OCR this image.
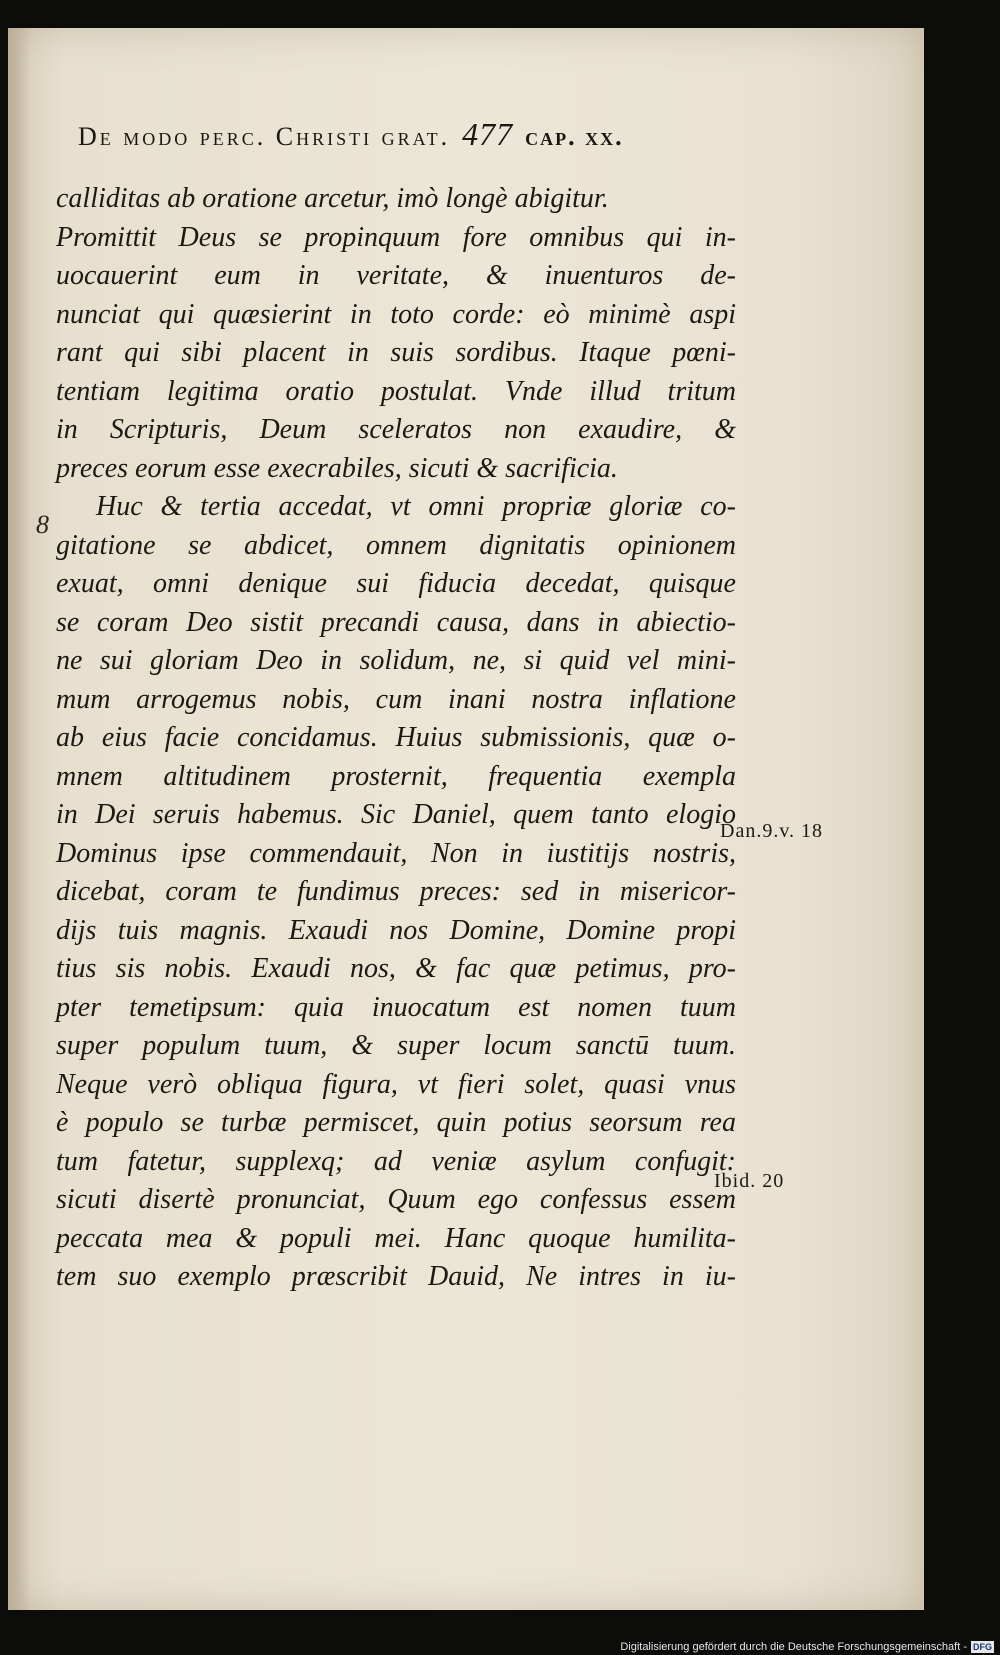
De modo perc. Christi grat. 477 cap. xx.
8
calliditas ab oratione arcetur, imò longè abigitur.
Promittit Deus se propinquum fore omnibus qui in-
uocauerint eum in veritate, & inuenturos de-
nunciat qui quæsierint in toto corde: eò minimè aspi
rant qui sibi placent in suis sordibus. Itaque pœni-
tentiam legitima oratio postulat. Vnde illud tritum
in Scripturis, Deum sceleratos non exaudire, &
preces eorum esse execrabiles, sicuti & sacrificia.
Huc & tertia accedat, vt omni propriæ gloriæ co-
gitatione se abdicet, omnem dignitatis opinionem
exuat, omni denique sui fiducia decedat, quisque
se coram Deo sistit precandi causa, dans in abiectio-
ne sui gloriam Deo in solidum, ne, si quid vel mini-
mum arrogemus nobis, cum inani nostra inflatione
ab eius facie concidamus. Huius submissionis, quæ o-
mnem altitudinem prosternit, frequentia exempla
in Dei seruis habemus. Sic Daniel, quem tanto elogio
Dominus ipse commendauit, Non in iustitijs nostris,
dicebat, coram te fundimus preces: sed in misericor-
dijs tuis magnis. Exaudi nos Domine, Domine propi
tius sis nobis. Exaudi nos, & fac quæ petimus, pro-
pter temetipsum: quia inuocatum est nomen tuum
super populum tuum, & super locum sanctū tuum.
Neque verò obliqua figura, vt fieri solet, quasi vnus
è populo se turbæ permiscet, quin potius seorsum rea
tum fatetur, supplexq; ad veniæ asylum confugit:
sicuti disertè pronunciat, Quum ego confessus essem
peccata mea & populi mei. Hanc quoque humilita-
tem suo exemplo præscribit Dauid, Ne intres in iu-
Dan.9.v. 18
Ibid. 20
Digitalisierung gefördert durch die Deutsche Forschungsgemeinschaft - DFG
